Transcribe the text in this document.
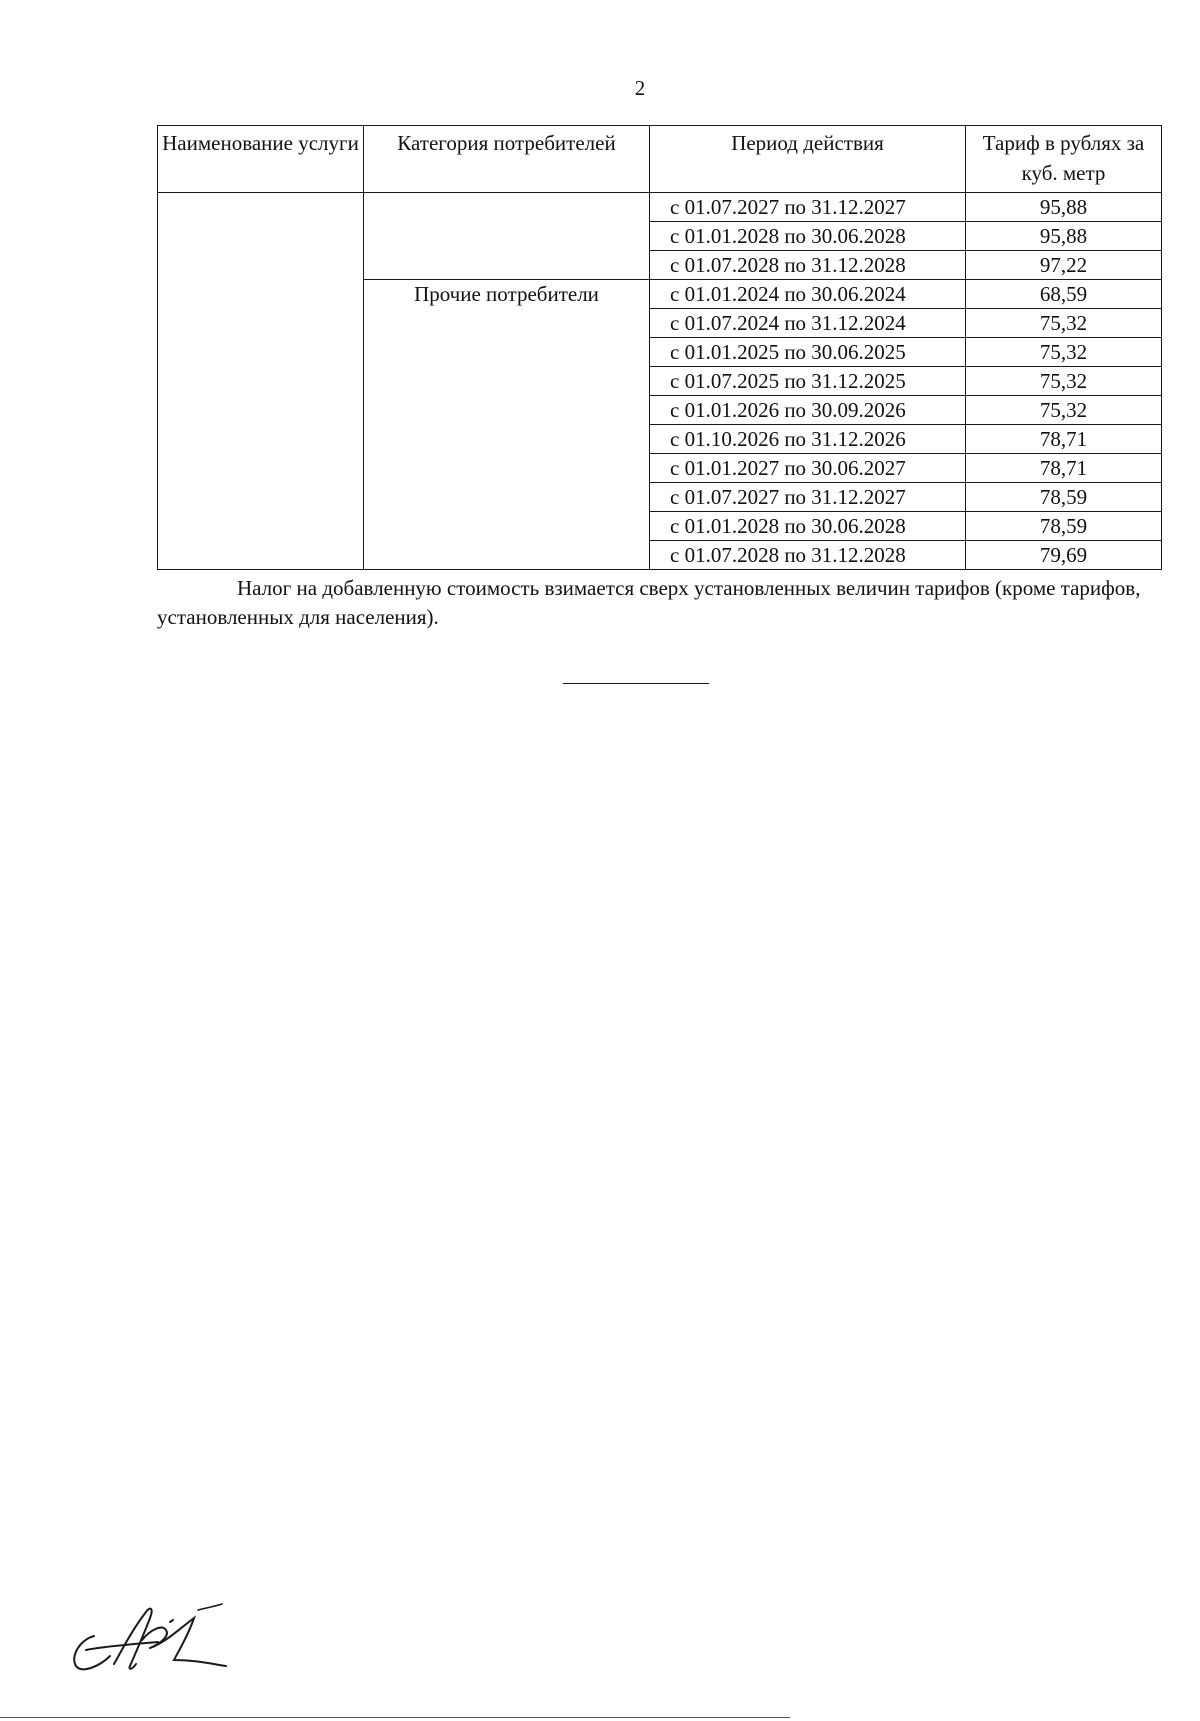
2
Наименование услуги	Категория потребителей	Период действия	Тариф в рублях за куб. метр
		с 01.07.2027 по 31.12.2027	95,88
		с 01.01.2028 по 30.06.2028	95,88
		с 01.07.2028 по 31.12.2028	97,22
	Прочие потребители	с 01.01.2024 по 30.06.2024	68,59
		с 01.07.2024 по 31.12.2024	75,32
		с 01.01.2025 по 30.06.2025	75,32
		с 01.07.2025 по 31.12.2025	75,32
		с 01.01.2026 по 30.09.2026	75,32
		с 01.10.2026 по 31.12.2026	78,71
		с 01.01.2027 по 30.06.2027	78,71
		с 01.07.2027 по 31.12.2027	78,59
		с 01.01.2028 по 30.06.2028	78,59
		с 01.07.2028 по 31.12.2028	79,69

Налог на добавленную стоимость взимается сверх установленных величин тарифов (кроме тарифов, установленных для населения).
